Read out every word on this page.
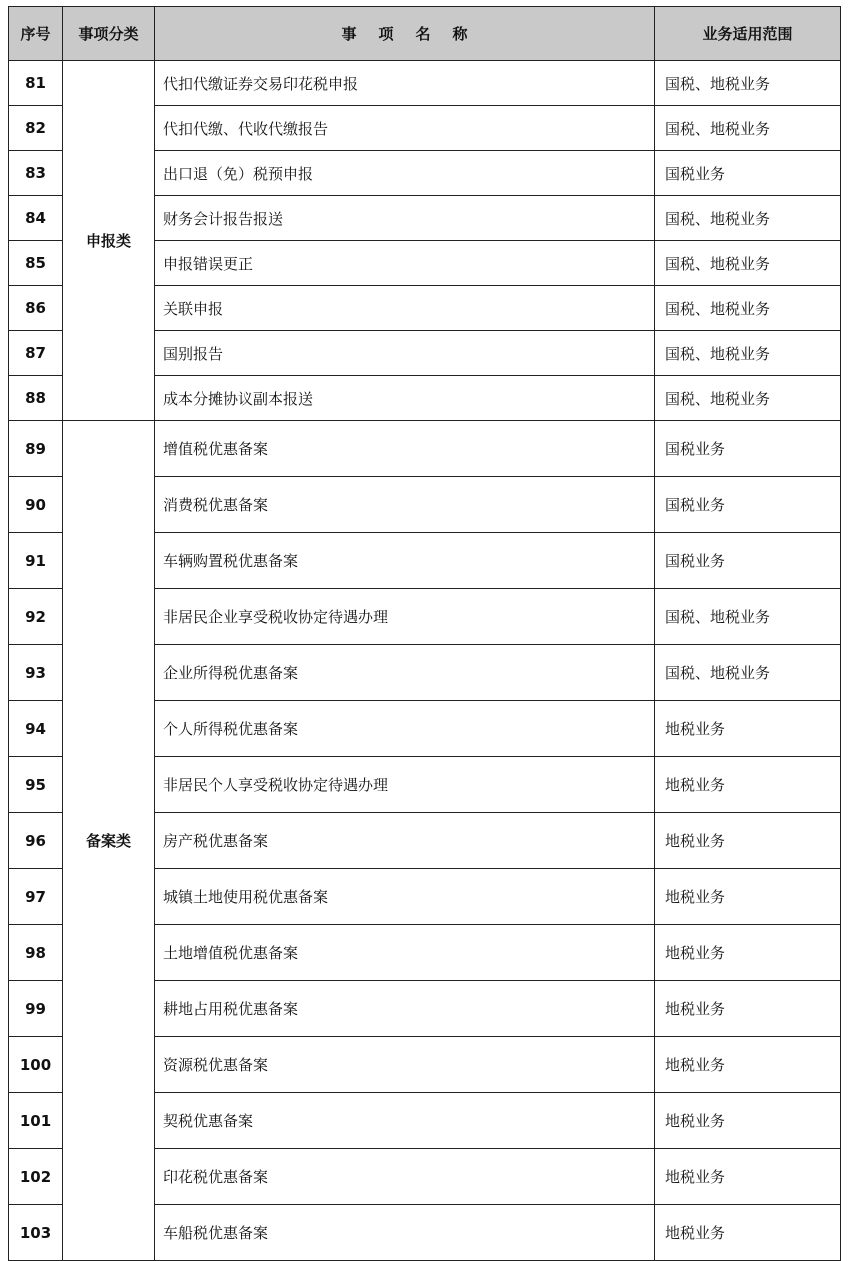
序号	事项分类	事项名称	业务适用范围
81	申报类	代扣代缴证券交易印花税申报	国税、地税业务
82		代扣代缴、代收代缴报告	国税、地税业务
83		出口退（免）税预申报	国税业务
84		财务会计报告报送	国税、地税业务
85		申报错误更正	国税、地税业务
86		关联申报	国税、地税业务
87		国别报告	国税、地税业务
88		成本分摊协议副本报送	国税、地税业务
89	备案类	增值税优惠备案	国税业务
90		消费税优惠备案	国税业务
91		车辆购置税优惠备案	国税业务
92		非居民企业享受税收协定待遇办理	国税、地税业务
93		企业所得税优惠备案	国税、地税业务
94		个人所得税优惠备案	地税业务
95		非居民个人享受税收协定待遇办理	地税业务
96		房产税优惠备案	地税业务
97		城镇土地使用税优惠备案	地税业务
98		土地增值税优惠备案	地税业务
99		耕地占用税优惠备案	地税业务
100		资源税优惠备案	地税业务
101		契税优惠备案	地税业务
102		印花税优惠备案	地税业务
103		车船税优惠备案	地税业务
